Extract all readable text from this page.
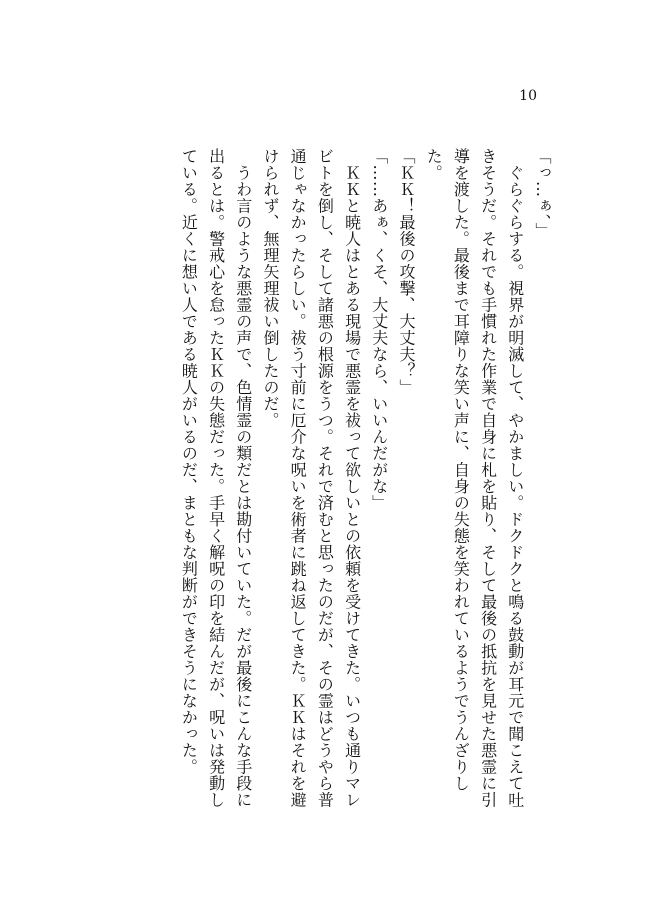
10

「っ…ぁ、」

　ぐらぐらする。視界が明滅して、やかましい。ドクドクと鳴る鼓動が耳元で聞こえて吐きそうだ。それでも手慣れた作業で自身に札を貼り、そして最後の抵抗を見せた悪霊に引導を渡した。最後まで耳障りな笑い声に、自身の失態を笑われているようでうんざりした。

「ＫＫ！最後の攻撃、大丈夫？」

「……あぁ、くそ、大丈夫なら、いいんだがな」

　ＫＫと暁人はとある現場で悪霊を祓って欲しいとの依頼を受けてきた。いつも通りマレビトを倒し、そして諸悪の根源をうつ。それで済むと思ったのだが、その霊はどうやら普通じゃなかったらしい。祓う寸前に厄介な呪いを術者に跳ね返してきた。ＫＫはそれを避けられず、無理矢理祓い倒したのだ。

　うわ言のような悪霊の声で、色情霊の類だとは勘付いていた。だが最後にこんな手段に出るとは。警戒心を怠ったＫＫの失態だった。手早く解呪の印を結んだが、呪いは発動している。近くに想い人である暁人がいるのだ、まともな判断ができそうになかった。
